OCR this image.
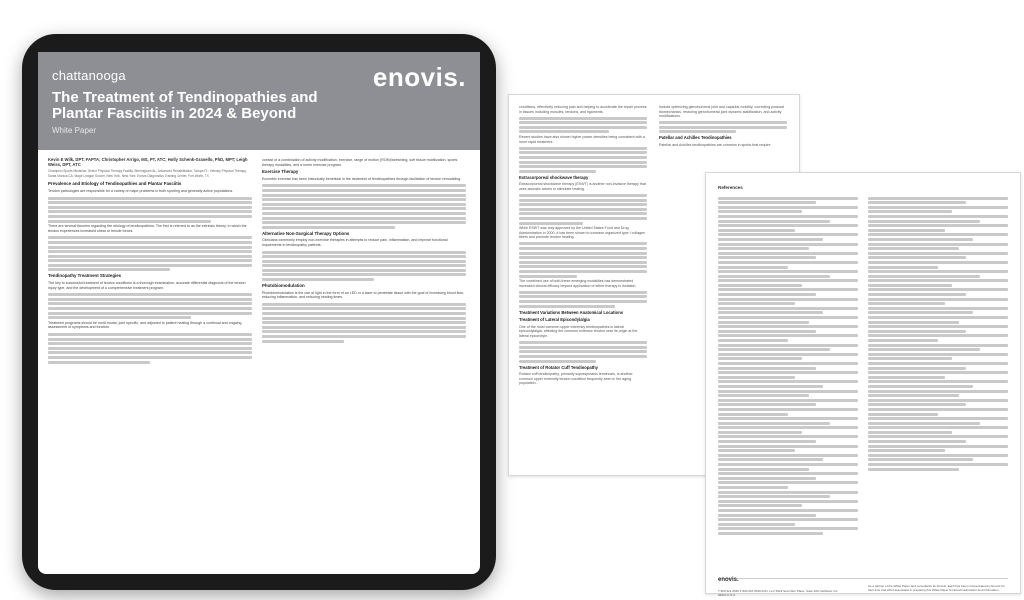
chattanooga	enovis.
The Treatment of Tendinopathies and Plantar Fasciitis in 2024 & Beyond
White Paper
Kevin E Wilk, DPT, FAPTA; Christopher Arrigo, MS, PT, ATC; Holly Schenk-Granello, PhD, MPT; Leigh Weiss, DPT, ATC
Champion Sports Medicine, Select Physical Therapy Facility, Birmingham AL; Advanced Rehabilitation, Tampa FL; Velocity Physical Therapy, Santa Monica CA; Major League Soccer, New York, New York; Enovis Diagnostics Training Center, Fort Worth, TX
Prevalence and Etiology of Tendinopathies and Plantar Fasciitis

Tendon pathologies are responsible for a variety of major problems in both sporting and generally active populations.

There are several theories regarding the etiology of tendinopathies. The first is referred to as the extrinsic theory, in which the tendon experiences increased shear or tensile forces.

Tendinopathy Treatment Strategies

The key to successful treatment of tendon conditions is a thorough examination, accurate differential diagnosis of the tendon injury type, and the development of a comprehensive treatment program.

Treatment programs should be multi-modal, joint specific, and adjusted to patient healing through a continual and ongoing assessment of symptoms and function.

consist of a combination of activity modification, exercise, range of motion (ROM)/stretching, soft tissue mobilization, sports therapy modalities, and a home exercise program.

Exercise Therapy

Eccentric exercise has been historically beneficial in the treatment of tendinopathies through facilitation of tendon remodeling.

Alternative Non-Surgical Therapy Options

Clinicians commonly employ non-exercise therapies in attempts to reduce pain, inflammation, and improve functional impairments in tendinopathy patients.

Photobiomodulation

Photobiomodulation is the use of light in the form of an LED or a laser to penetrate tissue with the goal of increasing blood flow, reducing inflammation, and reducing healing times.

conditions, effectively reducing pain and helping to accelerate the repair process in tissues including muscles, tendons, and ligaments.

Recent studies have also shown higher power densities being consistent with a more rapid treatment.

Extracorporeal shockwave therapy

Extracorporeal shockwave therapy (ESWT) is another non-invasive therapy that uses acoustic waves to stimulate healing.

While ESWT was only approved by the United States Food and Drug Administration in 2000, it has been shown to increase organized type I collagen fibers and promote tendon healing.

The combined use of both these emerging modalities has demonstrated increased clinical efficacy beyond application of either therapy in isolation.

Treatment Variations Between Anatomical Locations
Treatment of Lateral Epicondylalgia

One of the most common upper extremity tendinopathies is lateral epicondylalgia, affecting the common extensor tendon near its origin at the lateral epicondyle.

Treatment of Rotator Cuff Tendinopathy

Rotator cuff tendinopathy, primarily supraspinatus tendinosis, is another common upper extremity tendon condition frequently seen in the aging population.

include optimizing glenohumeral joint and capsular mobility, correcting postural biomechanics, restoring glenohumeral joint dynamic stabilization, and activity modifications.

Patellar and Achilles Tendinopathies

Patellar and Achilles tendinopathies are common in sports that require

References
enovis.
T 800.321.9549 F 800.410.4549 DJO, LLC 5919 Sea Otter Place, Suite 200 Carlsbad, CA 92010 U.S.A.
As a partner of the White Paper and consultants for Enovis. Each has been compensated by Enovis for their time and effort associated in preparing this White Paper for Enovis Education and Information.
